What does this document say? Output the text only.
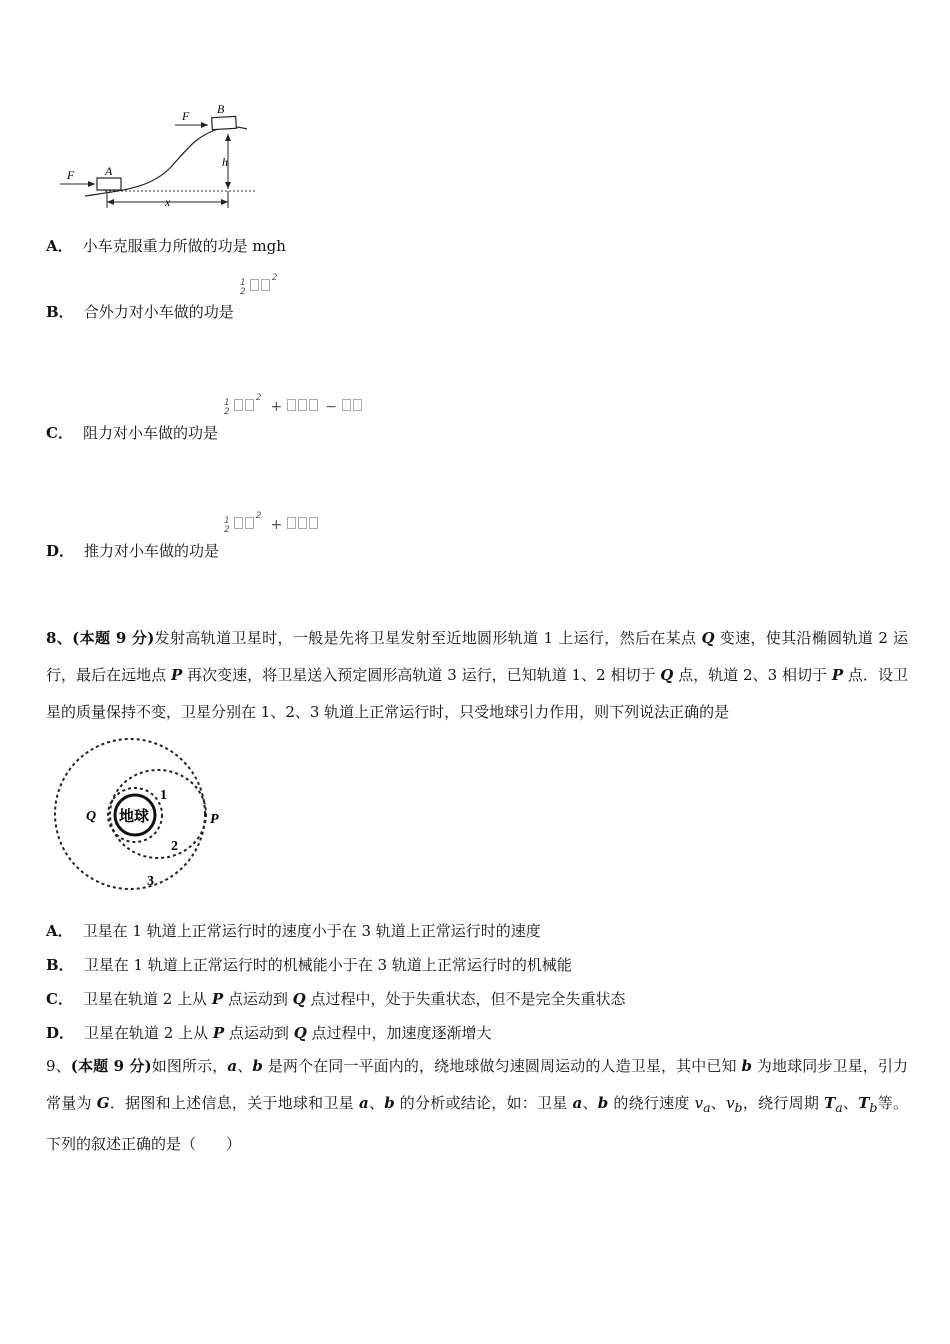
A
F
B
F
h
x
A． 小车克服重力所做的功是 mgh
B． 合外力对小车做的功是
1
2
2
C． 阻力对小车做的功是
1
2
2
+	−
D． 推力对小车做的功是
1
2
2
+
8、(本题 9 分)发射高轨道卫星时，一般是先将卫星发射至近地圆形轨道 1 上运行，然后在某点 Q 变速，使其沿椭圆轨道 2 运行，最后在远地点 P 再次变速，将卫星送入预定圆形高轨道 3 运行，已知轨道 1、2 相切于 Q 点，轨道 2、3 相切于 P 点．设卫星的质量保持不变，卫星分别在 1、2、3 轨道上正常运行时，只受地球引力作用，则下列说法正确的是
地球
Q	P
1
2
3
A． 卫星在 1 轨道上正常运行时的速度小于在 3 轨道上正常运行时的速度
B． 卫星在 1 轨道上正常运行时的机械能小于在 3 轨道上正常运行时的机械能
C． 卫星在轨道 2 上从 P 点运动到 Q 点过程中，处于失重状态，但不是完全失重状态
D． 卫星在轨道 2 上从 P 点运动到 Q 点过程中，加速度逐渐增大
9、(本题 9 分)如图所示，a、b 是两个在同一平面内的，绕地球做匀速圆周运动的人造卫星，其中已知 b 为地球同步卫星，引力常量为 G．据图和上述信息，关于地球和卫星 a、b 的分析或结论，如：卫星 a、b 的绕行速度 $v_a$、$v_b$，绕行周期 $T_a$、$T_b$等。下列的叙述正确的是（　　）
